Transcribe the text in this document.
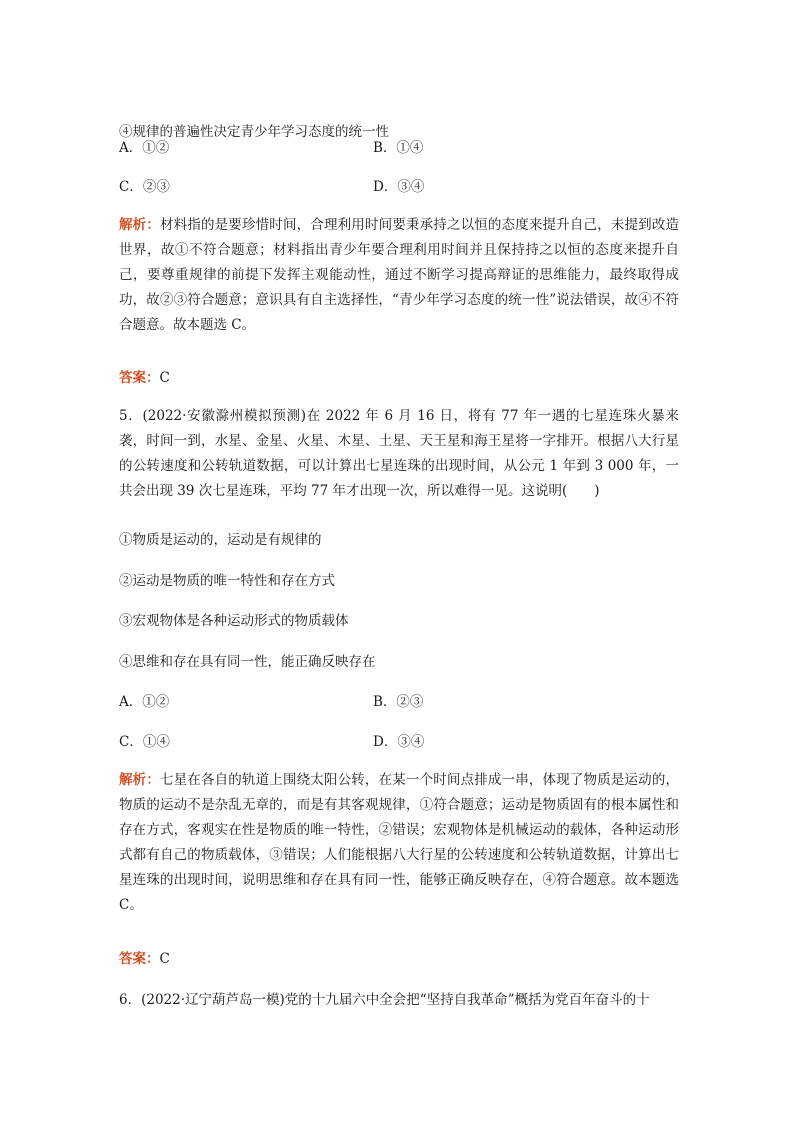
④规律的普遍性决定青少年学习态度的统一性
A．①②	B．①④
C．②③	D．③④
解析：材料指的是要珍惜时间，合理利用时间要秉承持之以恒的态度来提升自己，未提到改造世界，故①不符合题意；材料指出青少年要合理利用时间并且保持持之以恒的态度来提升自己，要尊重规律的前提下发挥主观能动性，通过不断学习提高辩证的思维能力，最终取得成功，故②③符合题意；意识具有自主选择性，“青少年学习态度的统一性”说法错误，故④不符合题意。故本题选 C。
答案：C
5．(2022·安徽滁州模拟预测)在 2022 年 6 月 16 日，将有 77 年一遇的七星连珠火暴来袭，时间一到，水星、金星、火星、木星、土星、天王星和海王星将一字排开。根据八大行星的公转速度和公转轨道数据，可以计算出七星连珠的出现时间，从公元 1 年到 3 000 年，一共会出现 39 次七星连珠，平均 77 年才出现一次，所以难得一见。这说明(　　)
①物质是运动的，运动是有规律的
②运动是物质的唯一特性和存在方式
③宏观物体是各种运动形式的物质载体
④思维和存在具有同一性，能正确反映存在
A．①②	B．②③
C．①④	D．③④
解析：七星在各自的轨道上围绕太阳公转，在某一个时间点排成一串，体现了物质是运动的，物质的运动不是杂乱无章的，而是有其客观规律，①符合题意；运动是物质固有的根本属性和存在方式，客观实在性是物质的唯一特性，②错误；宏观物体是机械运动的载体，各种运动形式都有自己的物质载体，③错误；人们能根据八大行星的公转速度和公转轨道数据，计算出七星连珠的出现时间，说明思维和存在具有同一性，能够正确反映存在，④符合题意。故本题选 C。
答案：C
6．(2022·辽宁葫芦岛一模)党的十九届六中全会把“坚持自我革命”概括为党百年奋斗的十
